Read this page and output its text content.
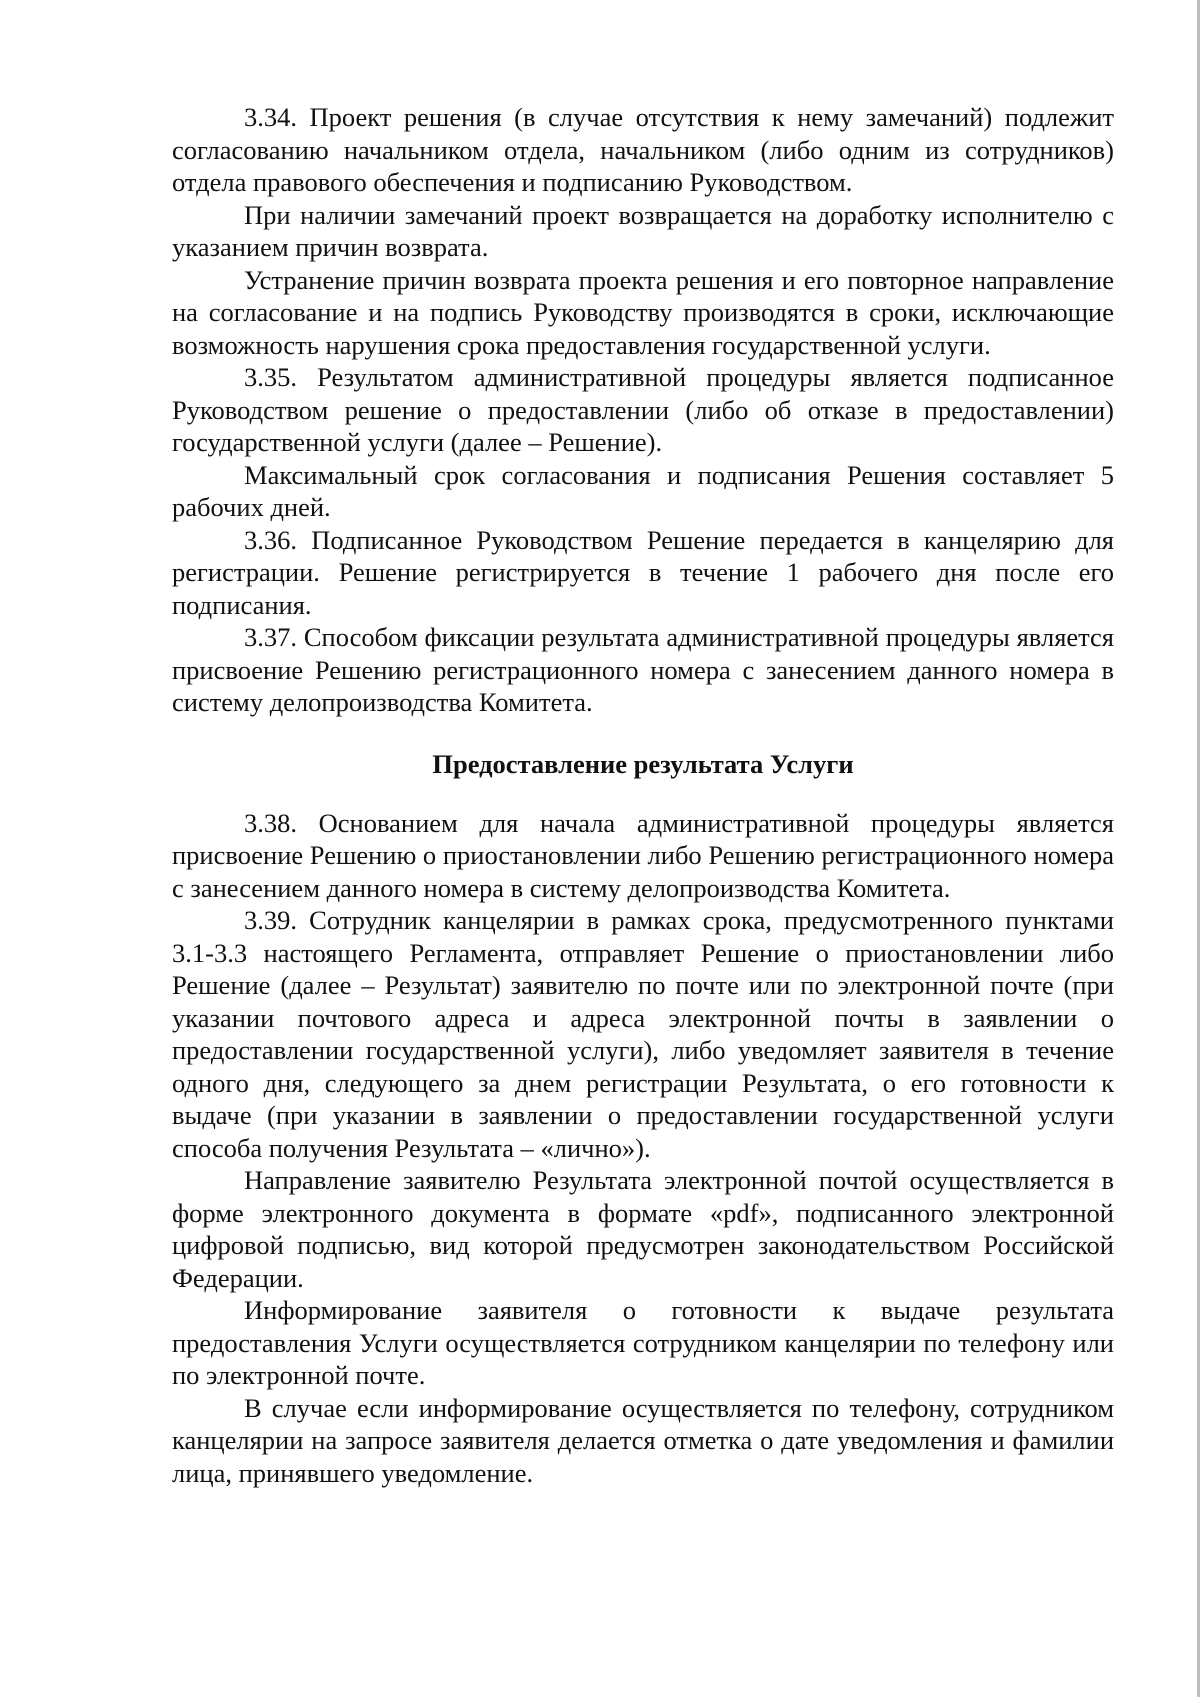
3.34. Проект решения (в случае отсутствия к нему замечаний) подлежит согласованию начальником отдела, начальником (либо одним из сотрудников) отдела правового обеспечения и подписанию Руководством.

При наличии замечаний проект возвращается на доработку исполнителю с указанием причин возврата.

Устранение причин возврата проекта решения и его повторное направление на согласование и на подпись Руководству производятся в сроки, исключающие возможность нарушения срока предоставления государственной услуги.

3.35. Результатом административной процедуры является подписанное Руководством решение о предоставлении (либо об отказе в предоставлении) государственной услуги (далее – Решение).

Максимальный срок согласования и подписания Решения составляет 5 рабочих дней.

3.36. Подписанное Руководством Решение передается в канцелярию для регистрации. Решение регистрируется в течение 1 рабочего дня после его подписания.

3.37. Способом фиксации результата административной процедуры является присвоение Решению регистрационного номера с занесением данного номера в систему делопроизводства Комитета.

Предоставление результата Услуги

3.38. Основанием для начала административной процедуры является присвоение Решению о приостановлении либо Решению регистрационного номера с занесением данного номера в систему делопроизводства Комитета.

3.39. Сотрудник канцелярии в рамках срока, предусмотренного пунктами 3.1-3.3 настоящего Регламента, отправляет Решение о приостановлении либо Решение (далее – Результат) заявителю по почте или по электронной почте (при указании почтового адреса и адреса электронной почты в заявлении о предоставлении государственной услуги), либо уведомляет заявителя в течение одного дня, следующего за днем регистрации Результата, о его готовности к выдаче (при указании в заявлении о предоставлении государственной услуги способа получения Результата – «лично»).

Направление заявителю Результата электронной почтой осуществляется в форме электронного документа в формате «pdf», подписанного электронной цифровой подписью, вид которой предусмотрен законодательством Российской Федерации.

Информирование заявителя о готовности к выдаче результата предоставления Услуги осуществляется сотрудником канцелярии по телефону или по электронной почте.

В случае если информирование осуществляется по телефону, сотрудником канцелярии на запросе заявителя делается отметка о дате уведомления и фамилии лица, принявшего уведомление.
